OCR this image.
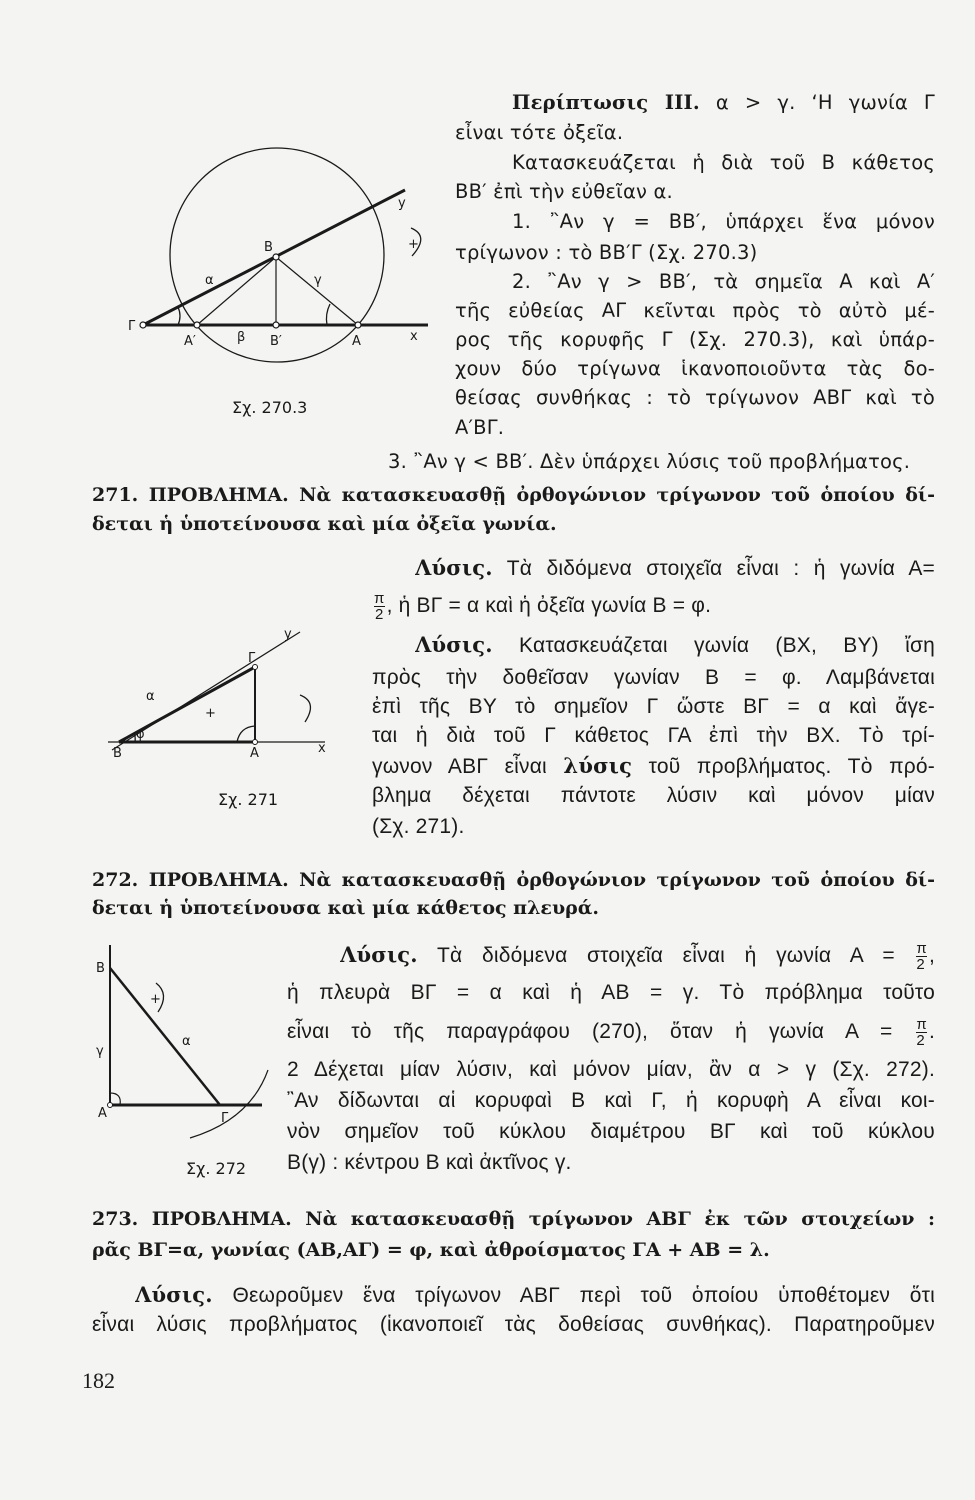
Περίπτωσις III. α > γ. ‘Η γωνία Γ
εἶναι τότε ὀξεῖα.
Κατασκευάζεται ἡ διὰ τοῦ Β κάθετος
ΒΒ′ ἐπὶ τὴν εὐθεῖαν α.
1. ῍Αν γ = ΒΒ′, ὑπάρχει ἕνα μόνον
τρίγωνον : τὸ ΒΒ′Γ (Σχ. 270.3)
2. ῍Αν γ > ΒΒ′, τὰ σημεῖα Α καὶ Α′
τῆς εὐθείας ΑΓ κεῖνται πρὸς τὸ αὐτὸ μέ-
ρος τῆς κορυφῆς Γ (Σχ. 270.3), καὶ ὑπάρ-
χουν δύο τρίγωνα ἱκανοποιοῦντα τὰς δο-
θείσας συνθήκας : τὸ τρίγωνον ΑΒΓ καὶ τὸ
Α′ΒΓ.
3. ῍Αν γ < ΒΒ′. Δὲν ὑπάρχει λύσις τοῦ προβλήματος.
271. ΠΡΟΒΛΗΜΑ. Νὰ κατασκευασθῇ ὀρθογώνιον τρίγωνον τοῦ ὁποίου δί-
δεται ἡ ὑποτείνουσα καὶ μία ὀξεῖα γωνία.
Λύσις. Τὰ διδόμενα στοιχεῖα εἶναι : ἡ γωνία Α=
$\frac{\pi}{2}$ , ἡ ΒΓ = α καὶ ἡ ὀξεῖα γωνία Β = φ.
Λύσις. Κατασκευάζεται γωνία (ΒΧ, ΒΥ) ἴση
πρὸς τὴν δοθεῖσαν γωνίαν Β = φ. Λαμβάνεται
ἐπὶ τῆς ΒΥ τὸ σημεῖον Γ ὥστε ΒΓ = α καὶ ἄγε-
ται ἡ διὰ τοῦ Γ κάθετος ΓΑ ἐπὶ τὴν ΒΧ. Τὸ τρί-
γωνον ΑΒΓ εἶναι λύσις τοῦ προβλήματος. Τὸ πρό-
βλημα δέχεται πάντοτε λύσιν καὶ μόνον μίαν
(Σχ. 271).
272. ΠΡΟΒΛΗΜΑ. Νὰ κατασκευασθῇ ὀρθογώνιον τρίγωνον τοῦ ὁποίου δί-
δεται ἡ ὑποτείνουσα καὶ μία κάθετος πλευρά.
Λύσις. Τὰ διδόμενα στοιχεῖα εἶναι ἡ γωνία $A = \frac{\pi}{2}$ ,
ἡ πλευρὰ ΒΓ = α καὶ ἡ ΑΒ = γ. Τὸ πρόβλημα τοῦτο
εἶναι τὸ τῆς παραγράφου (270), ὅταν ἡ γωνία $A = \frac{\pi}{2}$ .
2 Δέχεται μίαν λύσιν, καὶ μόνον μίαν, ἂν α > γ (Σχ. 272).
῍Αν δίδωνται αἱ κορυφαὶ Β καὶ Γ, ἡ κορυφὴ Α εἶναι κοι-
νὸν σημεῖον τοῦ κύκλου διαμέτρου ΒΓ καὶ τοῦ κύκλου
Β(γ) : κέντρου Β καὶ ἀκτῖνος γ.
273. ΠΡΟΒΛΗΜΑ. Νὰ κατασκευασθῇ τρίγωνον ΑΒΓ ἐκ τῶν στοιχείων :
ρᾶς ΒΓ=α, γωνίας (ΑΒ,ΑΓ) = φ, καὶ ἀθροίσματος ΓΑ + ΑΒ = λ.
Λύσις. Θεωροῦμεν ἕνα τρίγωνον ΑΒΓ περὶ τοῦ ὁποίου ὑποθέτομεν ὅτι
εἶναι λύσις προβλήματος (ἱκανοποιεῖ τὰς δοθείσας συνθήκας). Παρατηροῦμεν
Γ
Β
Α′	Β′	Α	x
y
α
β
γ
+
Σχ. 270.3
Β	Α
Γ
x
y
α
φ
+
Σχ. 271
Β
Α	Γ
α
γ
+
Σχ. 272
182
